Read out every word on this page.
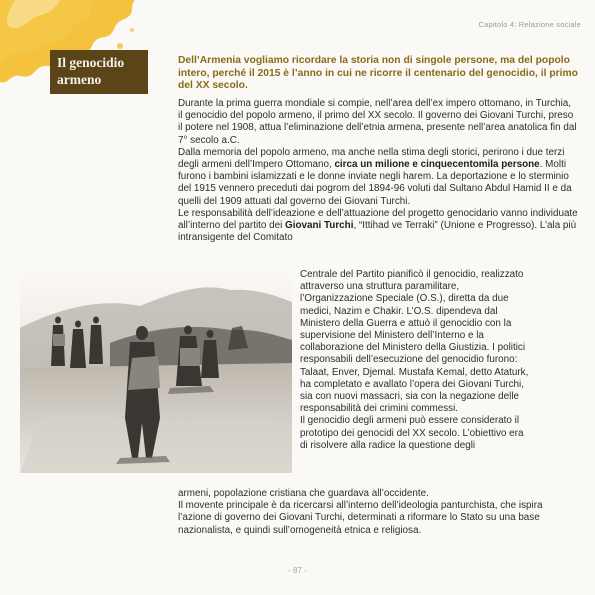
Capitolo 4: Relazione sociale
Il genocidio
armeno
Dell’Armenia vogliamo ricordare la storia non di singole persone, ma del popolo intero, perché il 2015 è l’anno in cui ne ricorre il centenario del genocidio, il primo del XX secolo.

Durante la prima guerra mondiale si compie, nell’area dell’ex impero ottomano, in Turchia, il genocidio del popolo armeno, il primo del XX secolo. Il governo dei Giovani Turchi, preso il potere nel 1908, attua l’eliminazione dell’etnia armena, presente nell’area anatolica fin dal 7° secolo a.C.

Dalla memoria del popolo armeno, ma anche nella stima degli storici, perirono i due terzi degli armeni dell’Impero Ottomano, circa un milione e cinquecentomila persone. Molti furono i bambini islamizzati e le donne inviate negli harem. La deportazione e lo sterminio del 1915 vennero preceduti dai pogrom del 1894-96 voluti dal Sultano Abdul Hamid II e da quelli del 1909 attuati dal governo dei Giovani Turchi.

Le responsabilità dell’ideazione e dell’attuazione del progetto genocidario vanno individuate all’interno del partito dei Giovani Turchi, “Ittihad ve Terraki” (Unione e Progresso). L’ala più intransigente del Comitato

Centrale del Partito pianificò il genocidio, realizzato attraverso una struttura paramilitare, l’Organizzazione Speciale (O.S.), diretta da due medici, Nazim e Chakir. L’O.S. dipendeva dal Ministero della Guerra e attuò il genocidio con la supervisione del Ministero dell’Interno e la collaborazione del Ministero della Giustizia. I politici responsabili dell’esecuzione del genocidio furono: Talaat, Enver, Djemal. Mustafa Kemal, detto Ataturk, ha completato e avallato l’opera dei Giovani Turchi, sia con nuovi massacri, sia con la negazione delle responsabilità dei crimini commessi.

Il genocidio degli armeni può essere considerato il prototipo dei genocidi del XX secolo. L’obiettivo era di risolvere alla radice la questione degli

armeni, popolazione cristiana che guardava all’occidente.

Il movente principale è da ricercarsi all’interno dell’ideologia panturchista, che ispira l’azione di governo dei Giovani Turchi, determinati a riformare lo Stato su una base nazionalista, e quindi sull’omogeneità etnica e religiosa.

- 87 -
